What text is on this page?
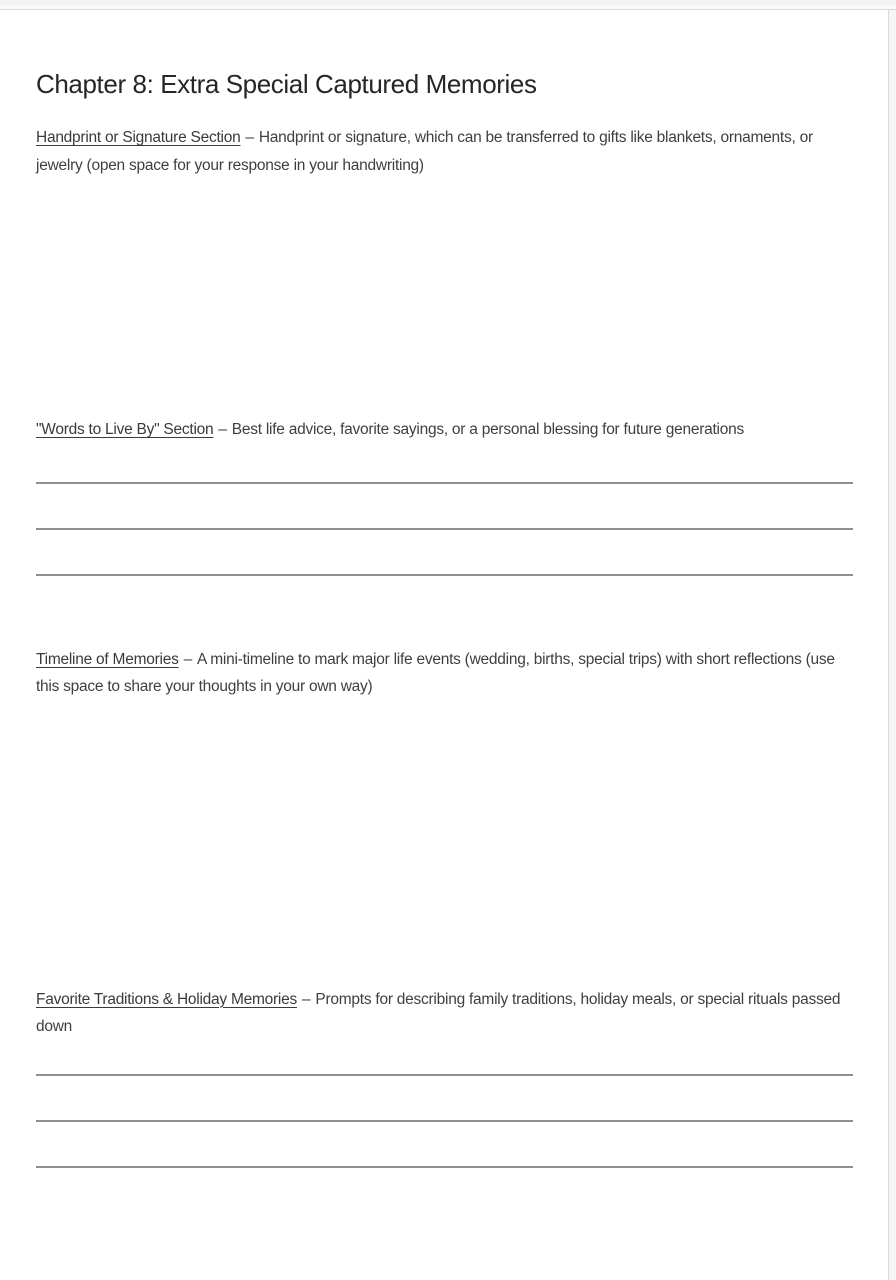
Chapter 8: Extra Special Captured Memories

Handprint or Signature Section – Handprint or signature, which can be transferred to gifts like blankets, ornaments, or jewelry (open space for your response in your handwriting)

"Words to Live By" Section – Best life advice, favorite sayings, or a personal blessing for future generations

Timeline of Memories – A mini-timeline to mark major life events (wedding, births, special trips) with short reflections (use this space to share your thoughts in your own way)

Favorite Traditions & Holiday Memories – Prompts for describing family traditions, holiday meals, or special rituals passed down
